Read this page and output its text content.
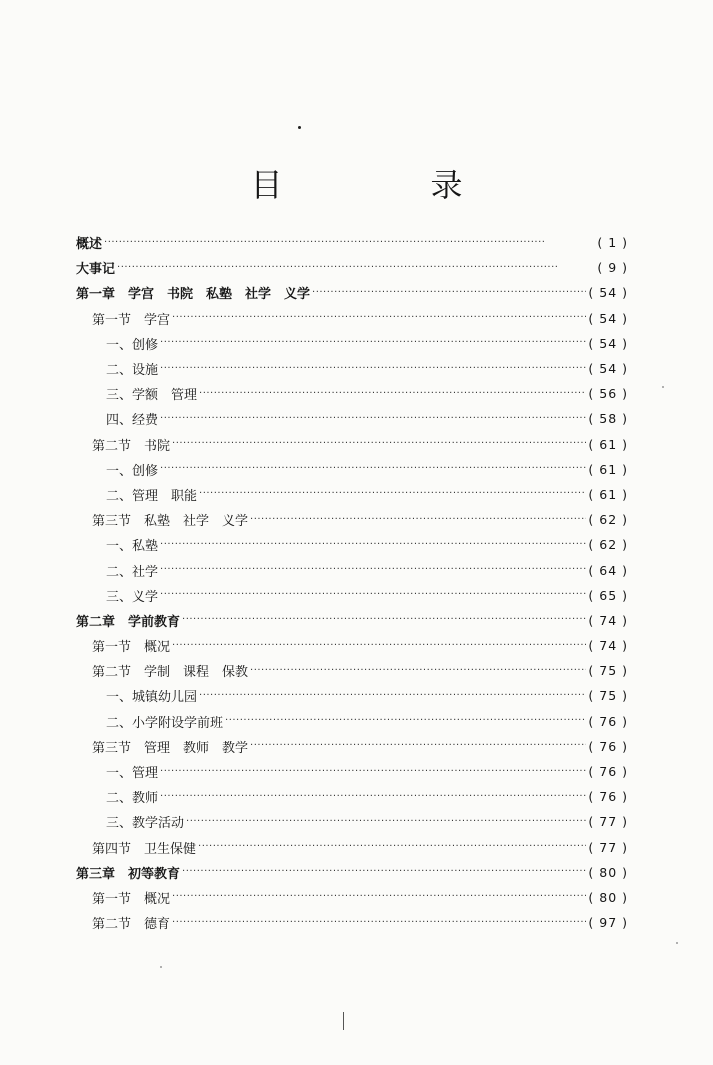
目　录
概述 ·····	( 1 )
大事记 ·····	( 9 )
第一章　学宫　书院　私塾　社学　义学 ·····	( 54 )
第一节　学宫 ·····	( 54 )
一、创修 ·····	( 54 )
二、设施 ·····	( 54 )
三、学额　管理 ·····	( 56 )
四、经费 ·····	( 58 )
第二节　书院 ·····	( 61 )
一、创修 ·····	( 61 )
二、管理　职能 ·····	( 61 )
第三节　私塾　社学　义学 ·····	( 62 )
一、私塾 ·····	( 62 )
二、社学 ·····	( 64 )
三、义学 ·····	( 65 )
第二章　学前教育 ·····	( 74 )
第一节　概况 ·····	( 74 )
第二节　学制　课程　保教 ·····	( 75 )
一、城镇幼儿园 ·····	( 75 )
二、小学附设学前班 ·····	( 76 )
第三节　管理　教师　教学 ·····	( 76 )
一、管理 ·····	( 76 )
二、教师 ·····	( 76 )
三、教学活动 ·····	( 77 )
第四节　卫生保健 ·····	( 77 )
第三章　初等教育 ·····	( 80 )
第一节　概况 ·····	( 80 )
第二节　德育 ·····	( 97 )
